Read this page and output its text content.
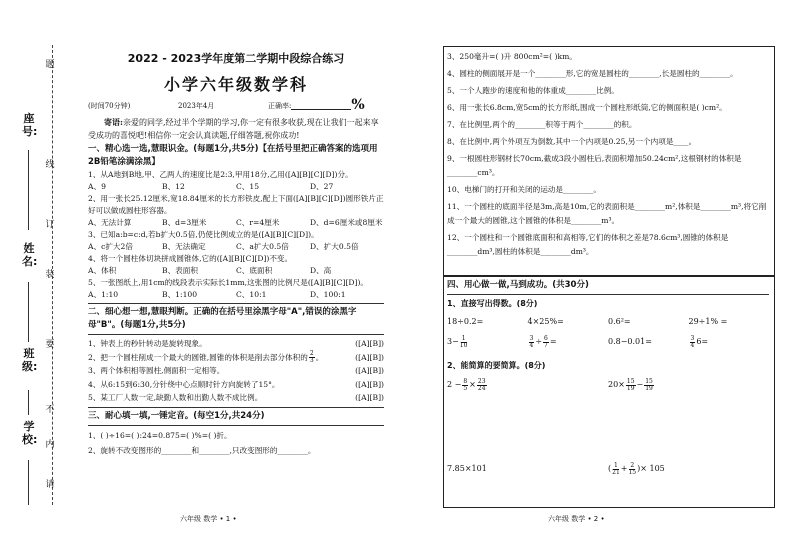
座号:
姓名:
班级:
学校:
题
线
订
装
要
不
内
请
2022 - 2023学年度第二学期中段综合练习
小学六年级数学科
(时间70分钟)	2023年4月	正确率:	%
寄语:亲爱的同学,经过半个学期的学习,你一定有很多收获,现在让我们一起来享受成功的喜悦吧!相信你一定会认真读题,仔细答题,祝你成功!
一、精心选一选,慧眼识金。(每题1分,共5分)【在括号里把正确答案的选项用2B铅笔涂满涂黑】
1、从A地到B地,甲、乙两人的速度比是2:3,甲用18分,乙用([A][B][C][D])分。
A、9	B、12	C、15	D、27
2、用一张长25.12厘米,宽18.84厘米的长方形铁皮,配上下面([A][B][C][D])圆形铁片正好可以做成圆柱形容器。
A、无法计算	B、d=3厘米	C、r=4厘米	D、d=6厘米或8厘米
3、已知a:b=c:d,若b扩大0.5倍,仍使比例成立的是([A][B][C][D])。
A、c扩大2倍	B、无法确定	C、a扩大0.5倍	D、扩大0.5倍
4、将一个圆柱体切块拼成圆锥体,它的([A][B][C][D])不变。
A、体积	B、表面积	C、底面积	D、高
5、一张图纸上,用1cm的线段表示实际长1mm,这张图的比例尺是([A][B][C][D])。
A、1:10	B、1:100	C、10:1	D、100:1
二、细心想一想,慧眼判断。正确的在括号里涂黑字母"A",错误的涂黑字母"B"。(每题1分,共5分)
1、钟表上的秒针转动是旋转现象。	([A][B])
2、把一个圆柱削成一个最大的圆锥,圆锥的体积是削去部分体积的 $\frac{2}{3}$ 。	([A][B])
3、两个体积相等圆柱,侧面积一定相等。	([A][B])
4、从6:15到6:30,分针绕中心点顺时针方向旋转了15°。	([A][B])
5、某工厂人数一定,缺勤人数和出勤人数不成比例。	([A][B])
三、耐心填一填,一锤定音。(每空1分,共24分)
1、( )÷16=( ):24=0.875=( )%=( )折。
2、旋转不改变图形的________和________,只改变图形的________。
3、250毫升=( )升 800cm²=( )km。
4、圆柱的侧面展开是一个________形,它的宽是圆柱的________,长是圆柱的________。
5、一个人跑步的速度和他的体重成________比例。
6、用一张长6.8cm,宽5cm的长方形纸,围成一个圆柱形纸筒,它的侧面积是( )cm²。
7、在比例里,两个的________积等于两个________的积。
8、在比例中,两个外项互为倒数,其中一个内项是0.25,另一个内项是____。
9、一根圆柱形钢材长70cm,截成3段小圆柱后,表面积增加50.24cm²,这根钢材的体积是________cm³。
10、电梯门的打开和关闭的运动是________。
11、一个圆柱的底面半径是3m,高是10m,它的表面积是________m²,体积是________m³,将它削成一个最大的圆锥,这个圆锥的体积是________m³。
12、一个圆柱和一个圆锥底面积和高相等,它们的体积之差是78.6cm³,圆锥的体积是________dm³,圆柱的体积是________dm³。
四、用心做一做,马到成功。(共30分)
1、直接写出得数。(8分)
18÷0.2=	4×25%=	0.6²=	29÷1% =
$3- \frac{1}{10}$	$\frac{3}{4} \div \frac{6}{7}$ =	0.8−0.01=	$\frac{3}{4} 6=$
2、能简算的要简算。(8分)
$2 - \frac{8}{5} \times \frac{23}{24}$	$20\times \frac{15}{19} - \frac{15}{19}$
7.85×101	( $\frac{1}{21} + \frac{2}{15}$ )× 105
六年级 数学 • 1 •	六年级 数学 • 2 •
